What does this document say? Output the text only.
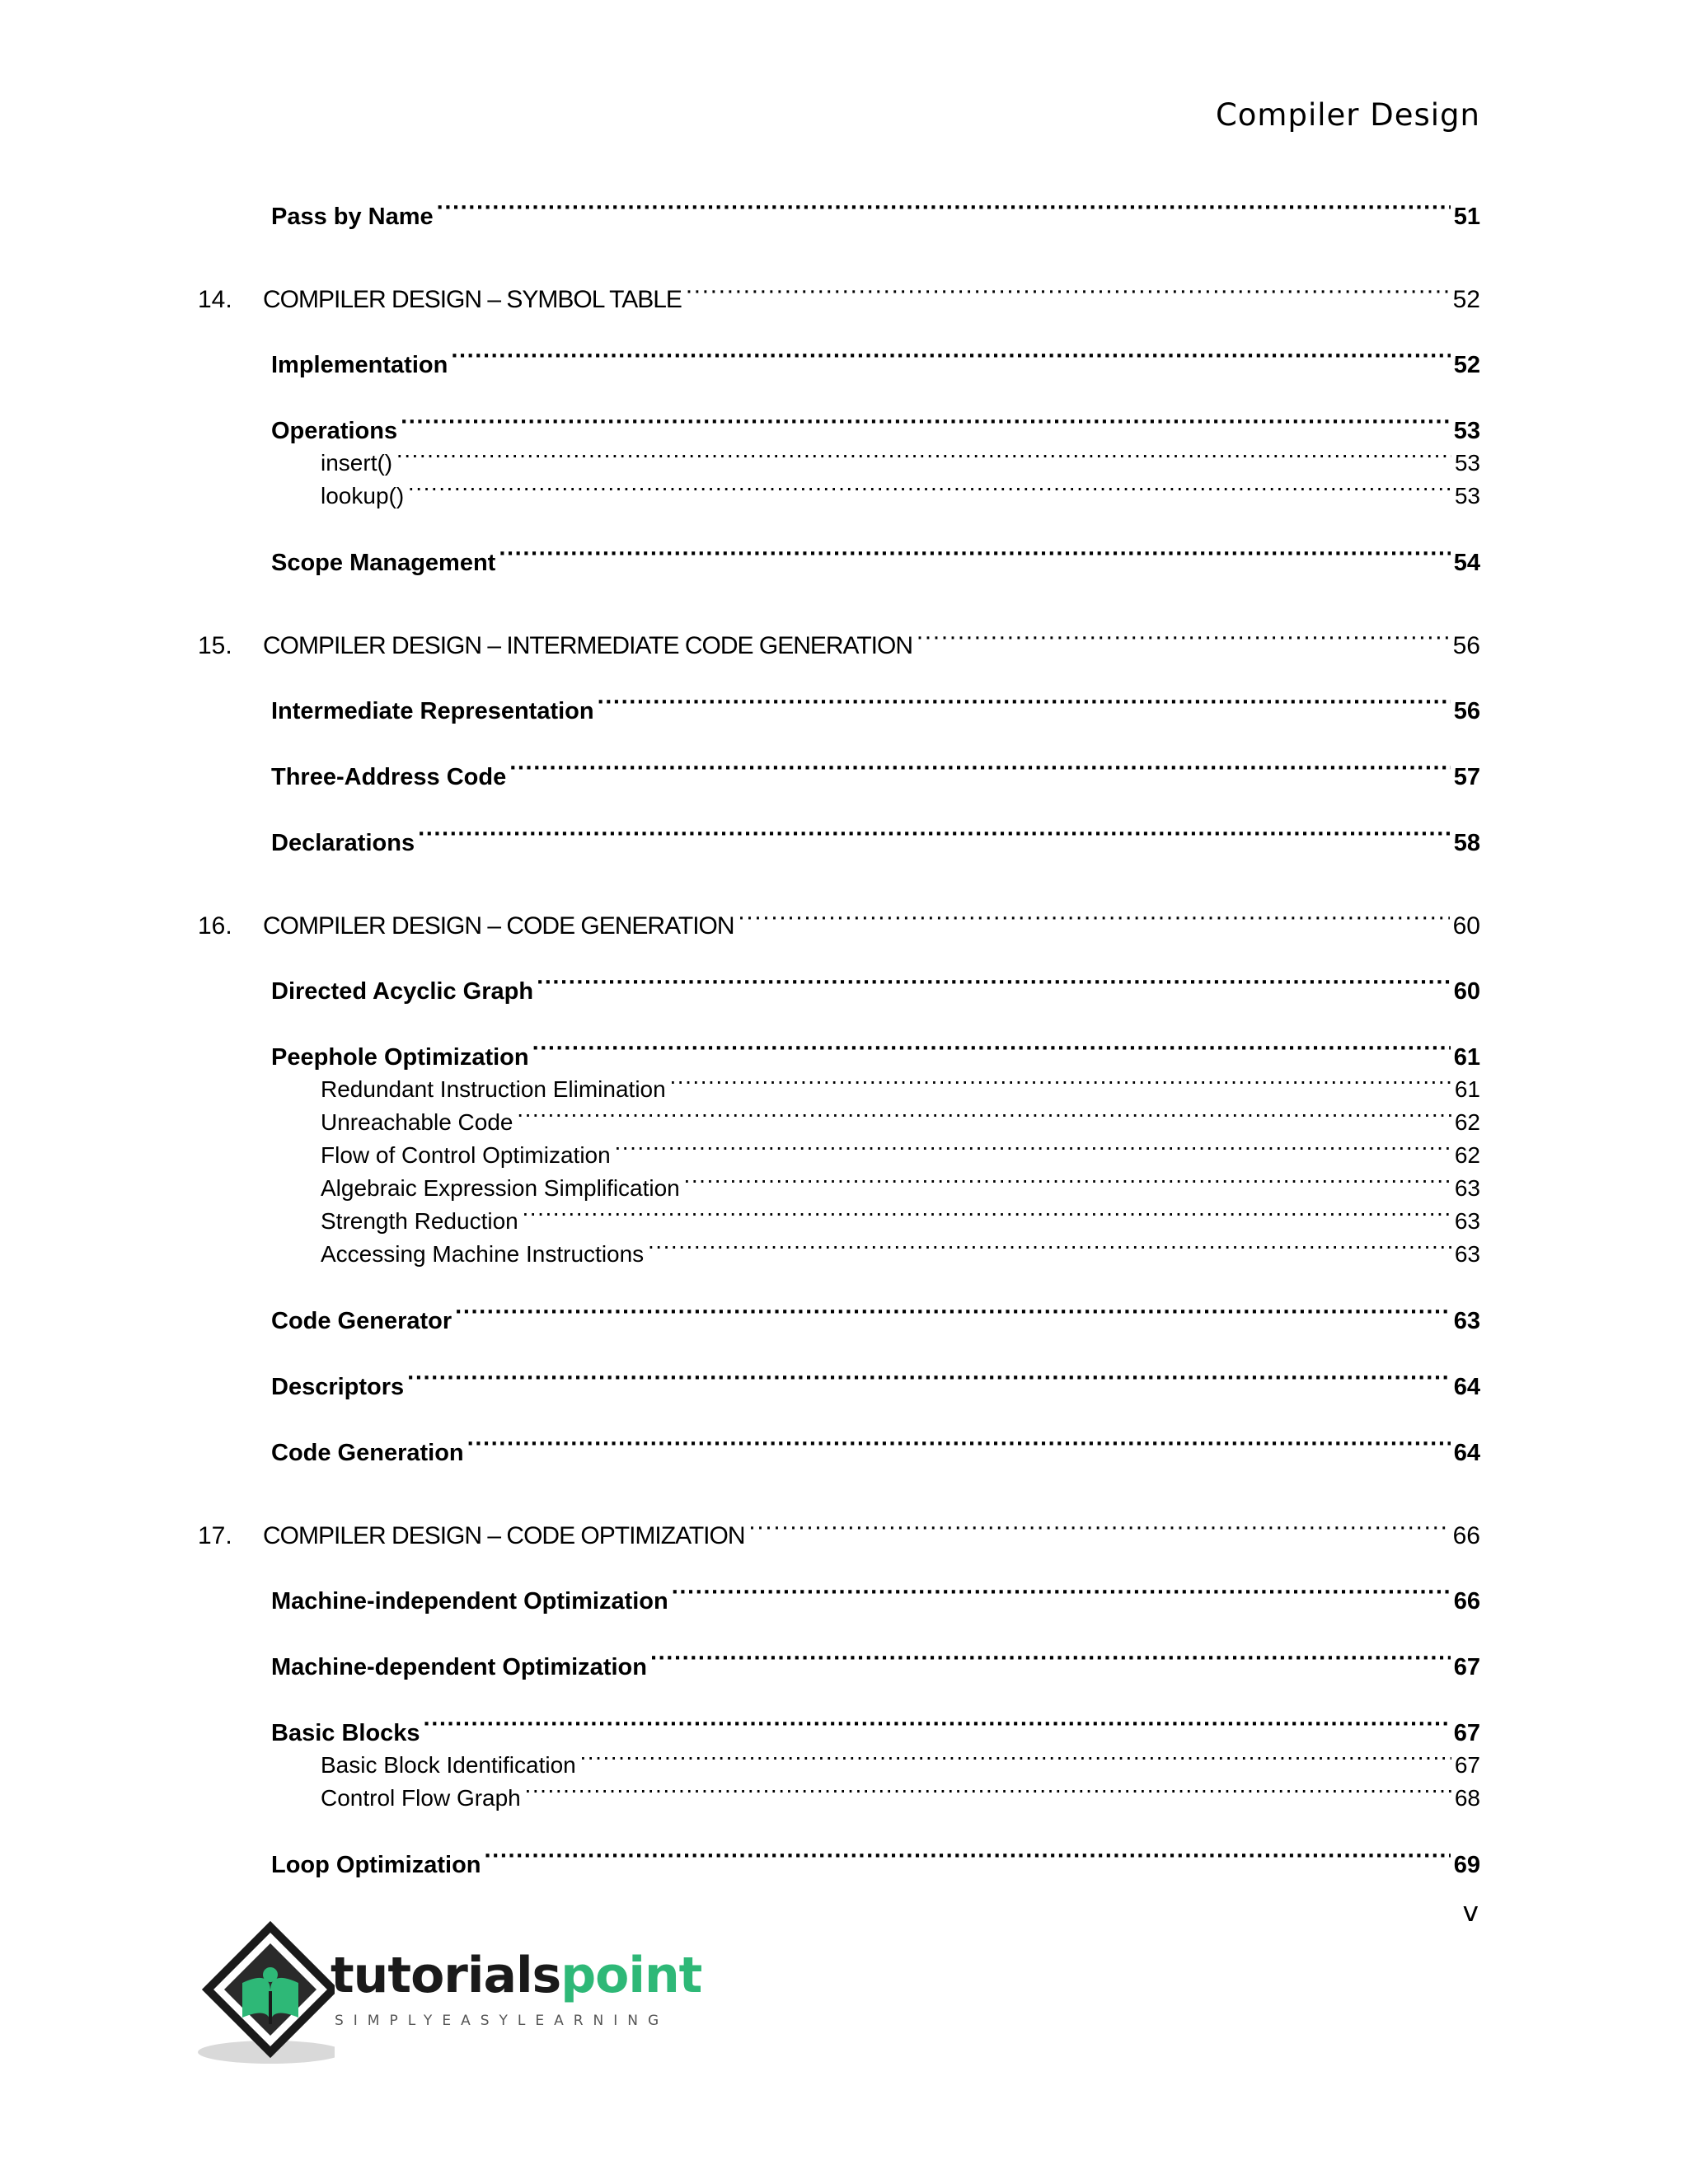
Compiler Design
Pass by Name ·····	51
14. COMPILER DESIGN – SYMBOL TABLE ·····	52
Implementation ·····	52
Operations ·····	53
insert() ·····	53
lookup() ·····	53
Scope Management ·····	54
15. COMPILER DESIGN – INTERMEDIATE CODE GENERATION ·····	56
Intermediate Representation ·····	56
Three-Address Code ·····	57
Declarations ·····	58
16. COMPILER DESIGN – CODE GENERATION ·····	60
Directed Acyclic Graph ·····	60
Peephole Optimization ·····	61
Redundant Instruction Elimination ·····	61
Unreachable Code ·····	62
Flow of Control Optimization ·····	62
Algebraic Expression Simplification ·····	63
Strength Reduction ·····	63
Accessing Machine Instructions ·····	63
Code Generator ·····	63
Descriptors ·····	64
Code Generation ·····	64
17. COMPILER DESIGN – CODE OPTIMIZATION ·····	66
Machine-independent Optimization ·····	66
Machine-dependent Optimization ·····	67
Basic Blocks ·····	67
Basic Block Identification ·····	67
Control Flow Graph ·····	68
Loop Optimization ·····	69
v
tutorialspoint
SIMPLYEASYLEARNING
